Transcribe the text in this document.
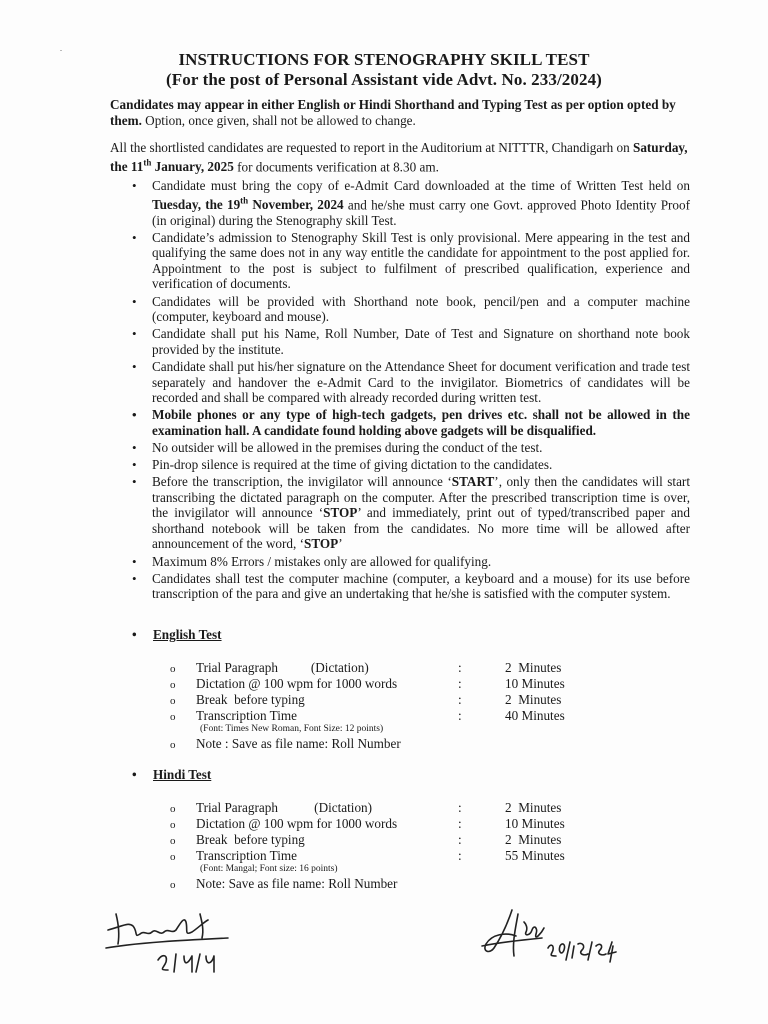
INSTRUCTIONS FOR STENOGRAPHY SKILL TEST
(For the post of Personal Assistant vide Advt. No. 233/2024)
Candidates may appear in either English or Hindi Shorthand and Typing Test as per option opted by them. Option, once given, shall not be allowed to change.
All the shortlisted candidates are requested to report in the Auditorium at NITTTR, Chandigarh on Saturday, the 11th January, 2025 for documents verification at 8.30 am.
• Candidate must bring the copy of e-Admit Card downloaded at the time of Written Test held on Tuesday, the 19th November, 2024 and he/she must carry one Govt. approved Photo Identity Proof (in original) during the Stenography skill Test.
• Candidate’s admission to Stenography Skill Test is only provisional. Mere appearing in the test and qualifying the same does not in any way entitle the candidate for appointment to the post applied for. Appointment to the post is subject to fulfilment of prescribed qualification, experience and verification of documents.
• Candidates will be provided with Shorthand note book, pencil/pen and a computer machine (computer, keyboard and mouse).
• Candidate shall put his Name, Roll Number, Date of Test and Signature on shorthand note book provided by the institute.
• Candidate shall put his/her signature on the Attendance Sheet for document verification and trade test separately and handover the e-Admit Card to the invigilator. Biometrics of candidates will be recorded and shall be compared with already recorded during written test.
• Mobile phones or any type of high-tech gadgets, pen drives etc. shall not be allowed in the examination hall. A candidate found holding above gadgets will be disqualified.
• No outsider will be allowed in the premises during the conduct of the test.
• Pin-drop silence is required at the time of giving dictation to the candidates.
• Before the transcription, the invigilator will announce ‘START’, only then the candidates will start transcribing the dictated paragraph on the computer. After the prescribed transcription time is over, the invigilator will announce ‘STOP’ and immediately, print out of typed/transcribed paper and shorthand notebook will be taken from the candidates. No more time will be allowed after announcement of the word, ‘STOP’
• Maximum 8% Errors / mistakes only are allowed for qualifying.
• Candidates shall test the computer machine (computer, a keyboard and a mouse) for its use before transcription of the para and give an undertaking that he/she is satisfied with the computer system.
• English Test
o Trial Paragraph          (Dictation)	:	2  Minutes
o Dictation @ 100 wpm for 1000 words	:	10 Minutes
o Break  before typing	:	2  Minutes
o Transcription Time	:	40 Minutes
(Font: Times New Roman, Font Size: 12 points)
o Note : Save as file name: Roll Number
• Hindi Test
o Trial Paragraph           (Dictation)	:	2  Minutes
o Dictation @ 100 wpm for 1000 words	:	10 Minutes
o Break  before typing	:	2  Minutes
o Transcription Time	:	55 Minutes
(Font: Mangal; Font size: 16 points)
o Note: Save as file name: Roll Number
